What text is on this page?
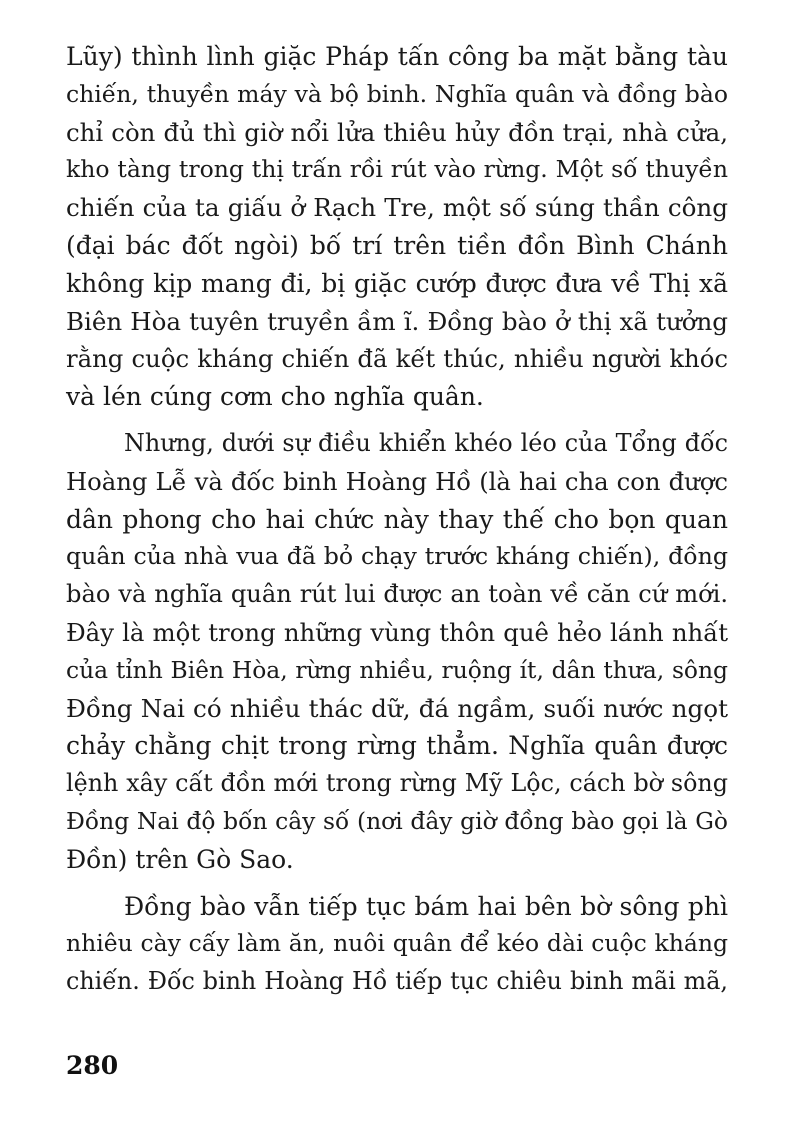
Lũy) thình lình giặc Pháp tấn công ba mặt bằng tàu
chiến, thuyền máy và bộ binh. Nghĩa quân và đồng bào
chỉ còn đủ thì giờ nổi lửa thiêu hủy đồn trại, nhà cửa,
kho tàng trong thị trấn rồi rút vào rừng. Một số thuyền
chiến của ta giấu ở Rạch Tre, một số súng thần công
(đại bác đốt ngòi) bố trí trên tiền đồn Bình Chánh
không kịp mang đi, bị giặc cướp được đưa về Thị xã
Biên Hòa tuyên truyền ầm ĩ. Đồng bào ở thị xã tưởng
rằng cuộc kháng chiến đã kết thúc, nhiều người khóc
và lén cúng cơm cho nghĩa quân.
Nhưng, dưới sự điều khiển khéo léo của Tổng đốc
Hoàng Lễ và đốc binh Hoàng Hồ (là hai cha con được
dân phong cho hai chức này thay thế cho bọn quan
quân của nhà vua đã bỏ chạy trước kháng chiến), đồng
bào và nghĩa quân rút lui được an toàn về căn cứ mới.
Đây là một trong những vùng thôn quê hẻo lánh nhất
của tỉnh Biên Hòa, rừng nhiều, ruộng ít, dân thưa, sông
Đồng Nai có nhiều thác dữ, đá ngầm, suối nước ngọt
chảy chằng chịt trong rừng thẳm. Nghĩa quân được
lệnh xây cất đồn mới trong rừng Mỹ Lộc, cách bờ sông
Đồng Nai độ bốn cây số (nơi đây giờ đồng bào gọi là Gò
Đồn) trên Gò Sao.
Đồng bào vẫn tiếp tục bám hai bên bờ sông phì
nhiêu cày cấy làm ăn, nuôi quân để kéo dài cuộc kháng
chiến. Đốc binh Hoàng Hồ tiếp tục chiêu binh mãi mã,
280
